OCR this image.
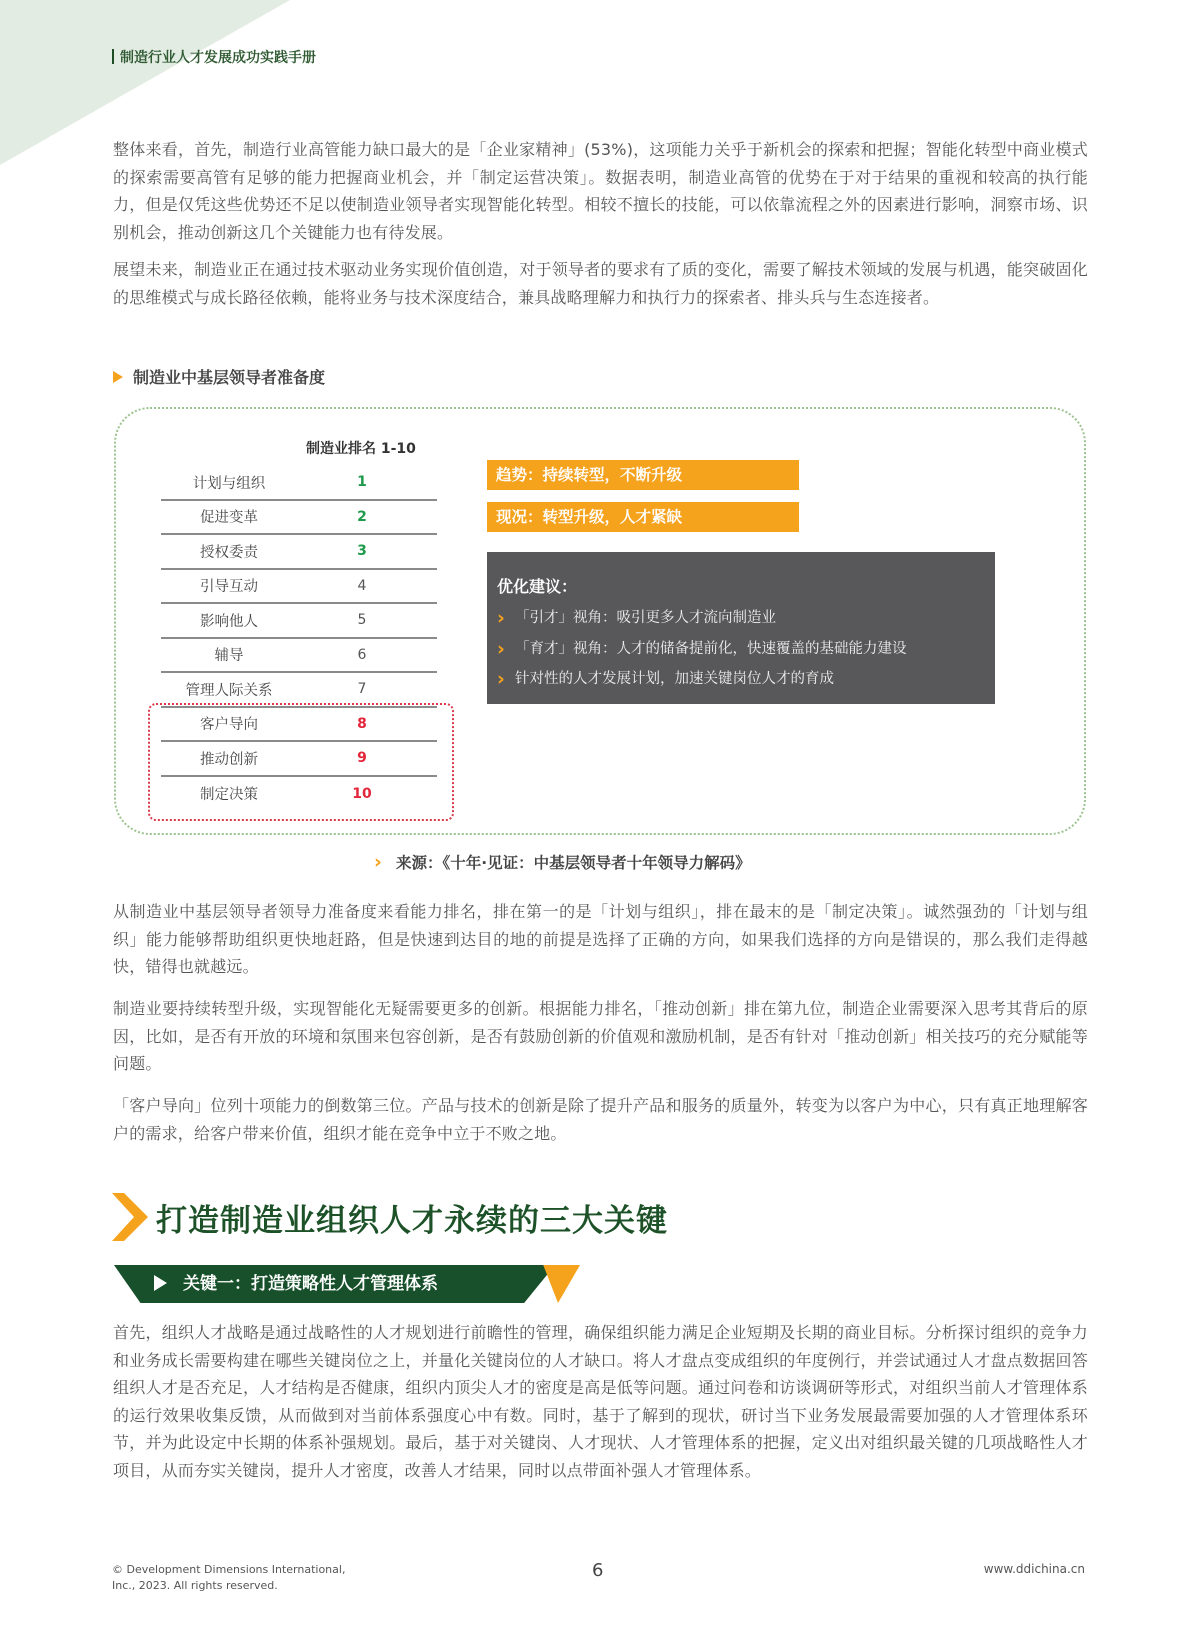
制造行业人才发展成功实践手册

整体来看，首先，制造行业高管能力缺口最大的是「企业家精神」(53%)，这项能力关乎于新机会的探索和把握；智能化转型中商业模式的探索需要高管有足够的能力把握商业机会，并「制定运营决策」。数据表明，制造业高管的优势在于对于结果的重视和较高的执行能力，但是仅凭这些优势还不足以使制造业领导者实现智能化转型。相较不擅长的技能，可以依靠流程之外的因素进行影响，洞察市场、识别机会，推动创新这几个关键能力也有待发展。

展望未来，制造业正在通过技术驱动业务实现价值创造，对于领导者的要求有了质的变化，需要了解技术领域的发展与机遇，能突破固化的思维模式与成长路径依赖，能将业务与技术深度结合，兼具战略理解力和执行力的探索者、排头兵与生态连接者。

制造业中基层领导者准备度
制造业排名 1-10
计划与组织	1
促进变革	2
授权委责	3
引导互动	4
影响他人	5
辅导	6
管理人际关系	7
客户导向	8
推动创新	9
制定决策	10
趋势：持续转型，不断升级
现况：转型升级，人才紧缺
优化建议：
› 「引才」视角：吸引更多人才流向制造业
› 「育才」视角：人才的储备提前化，快速覆盖的基础能力建设
› 针对性的人才发展计划，加速关键岗位人才的育成
› 来源：《十年·见证：中基层领导者十年领导力解码》

从制造业中基层领导者领导力准备度来看能力排名，排在第一的是「计划与组织」，排在最末的是「制定决策」。诚然强劲的「计划与组织」能力能够帮助组织更快地赶路，但是快速到达目的地的前提是选择了正确的方向，如果我们选择的方向是错误的，那么我们走得越快，错得也就越远。

制造业要持续转型升级，实现智能化无疑需要更多的创新。根据能力排名，「推动创新」排在第九位，制造企业需要深入思考其背后的原因，比如，是否有开放的环境和氛围来包容创新，是否有鼓励创新的价值观和激励机制，是否有针对「推动创新」相关技巧的充分赋能等问题。

「客户导向」位列十项能力的倒数第三位。产品与技术的创新是除了提升产品和服务的质量外，转变为以客户为中心，只有真正地理解客户的需求，给客户带来价值，组织才能在竞争中立于不败之地。

打造制造业组织人才永续的三大关键
关键一：打造策略性人才管理体系

首先，组织人才战略是通过战略性的人才规划进行前瞻性的管理，确保组织能力满足企业短期及长期的商业目标。分析探讨组织的竞争力和业务成长需要构建在哪些关键岗位之上，并量化关键岗位的人才缺口。将人才盘点变成组织的年度例行，并尝试通过人才盘点数据回答组织人才是否充足，人才结构是否健康，组织内顶尖人才的密度是高是低等问题。通过问卷和访谈调研等形式，对组织当前人才管理体系的运行效果收集反馈，从而做到对当前体系强度心中有数。同时，基于了解到的现状，研讨当下业务发展最需要加强的人才管理体系环节，并为此设定中长期的体系补强规划。最后，基于对关键岗、人才现状、人才管理体系的把握，定义出对组织最关键的几项战略性人才项目，从而夯实关键岗，提升人才密度，改善人才结果，同时以点带面补强人才管理体系。

© Development Dimensions International,
Inc., 2023. All rights reserved.
6	www.ddichina.cn
